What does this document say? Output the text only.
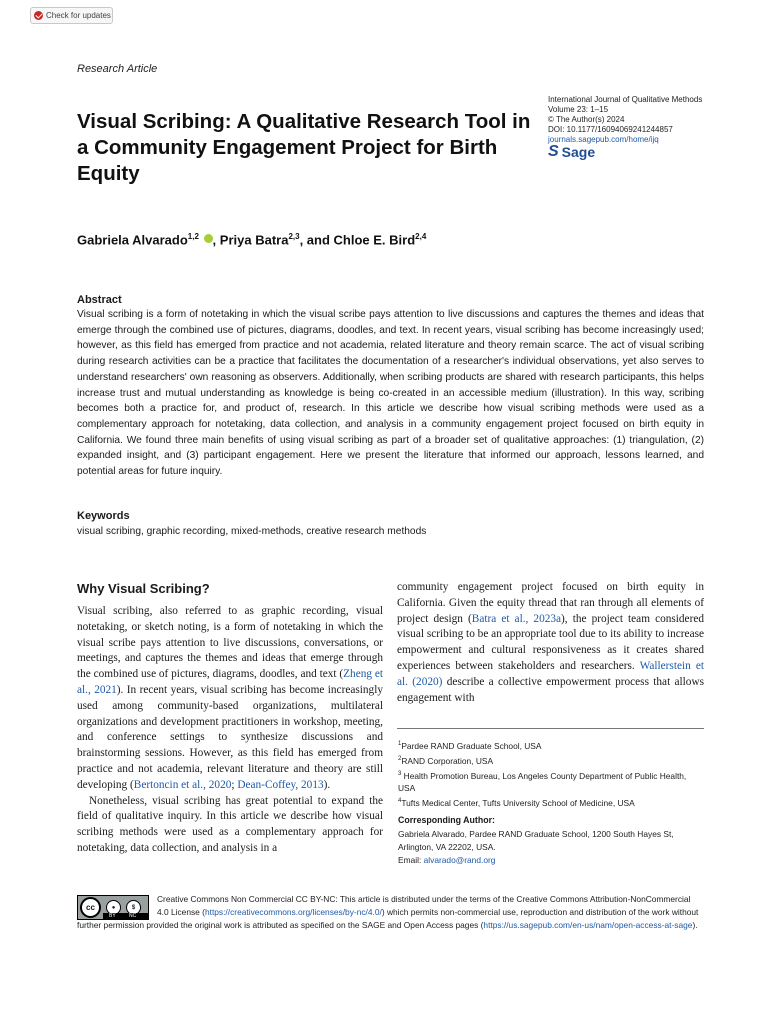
Check for updates
Research Article
International Journal of Qualitative Methods
Volume 23: 1–15
© The Author(s) 2024
DOI: 10.1177/16094069241244857
journals.sagepub.com/home/ijq
S Sage
Visual Scribing: A Qualitative Research Tool in a Community Engagement Project for Birth Equity
Gabriela Alvarado$^{1,2}$ , Priya Batra$^{2,3}$, and Chloe E. Bird$^{2,4}$
Abstract

Visual scribing is a form of notetaking in which the visual scribe pays attention to live discussions and captures the themes and ideas that emerge through the combined use of pictures, diagrams, doodles, and text. In recent years, visual scribing has become increasingly used; however, as this field has emerged from practice and not academia, related literature and theory remain scarce. The act of visual scribing during research activities can be a practice that facilitates the documentation of a researcher's individual observations, yet also serves to understand researchers' own reasoning as observers. Additionally, when scribing products are shared with research participants, this helps increase trust and mutual understanding as knowledge is being co-created in an accessible medium (illustration). In this way, scribing becomes both a practice for, and product of, research. In this article we describe how visual scribing methods were used as a complementary approach for notetaking, data collection, and analysis in a community engagement project focused on birth equity in California. We found three main benefits of using visual scribing as part of a broader set of qualitative approaches: (1) triangulation, (2) expanded insight, and (3) participant engagement. Here we present the literature that informed our approach, lessons learned, and potential areas for future inquiry.

Keywords
visual scribing, graphic recording, mixed-methods, creative research methods
Why Visual Scribing?

Visual scribing, also referred to as graphic recording, visual notetaking, or sketch noting, is a form of notetaking in which the visual scribe pays attention to live discussions, conversations, or meetings, and captures the themes and ideas that emerge through the combined use of pictures, diagrams, doodles, and text (Zheng et al., 2021). In recent years, visual scribing has become increasingly used among community-based organizations, multilateral organizations and development practitioners in workshop, meeting, and conference settings to synthesize discussions and brainstorming sessions. However, as this field has emerged from practice and not academia, relevant literature and theory are still developing (Bertoncin et al., 2020; Dean-Coffey, 2013).

Nonetheless, visual scribing has great potential to expand the field of qualitative inquiry. In this article we describe how visual scribing methods were used as a complementary approach for notetaking, data collection, and analysis in a

community engagement project focused on birth equity in California. Given the equity thread that ran through all elements of project design (Batra et al., 2023a), the project team considered visual scribing to be an appropriate tool due to its ability to increase empowerment and cultural responsiveness as it creates shared experiences between stakeholders and researchers. Wallerstein et al. (2020) describe a collective empowerment process that allows engagement with

$^1$Pardee RAND Graduate School, USA
$^2$RAND Corporation, USA
$^3$ Health Promotion Bureau, Los Angeles County Department of Public Health, USA
$^4$Tufts Medical Center, Tufts University School of Medicine, USA
Corresponding Author:
Gabriela Alvarado, Pardee RAND Graduate School, 1200 South Hayes St, Arlington, VA 22202, USA.
Email: alvarado@rand.org
Creative Commons Non Commercial CC BY-NC: This article is distributed under the terms of the Creative Commons Attribution-NonCommercial 4.0 License (https://creativecommons.org/licenses/by-nc/4.0/) which permits non-commercial use, reproduction and distribution of the work without further permission provided the original work is attributed as specified on the SAGE and Open Access pages (https://us.sagepub.com/en-us/nam/open-access-at-sage).
cc	●	$
BY	NC
